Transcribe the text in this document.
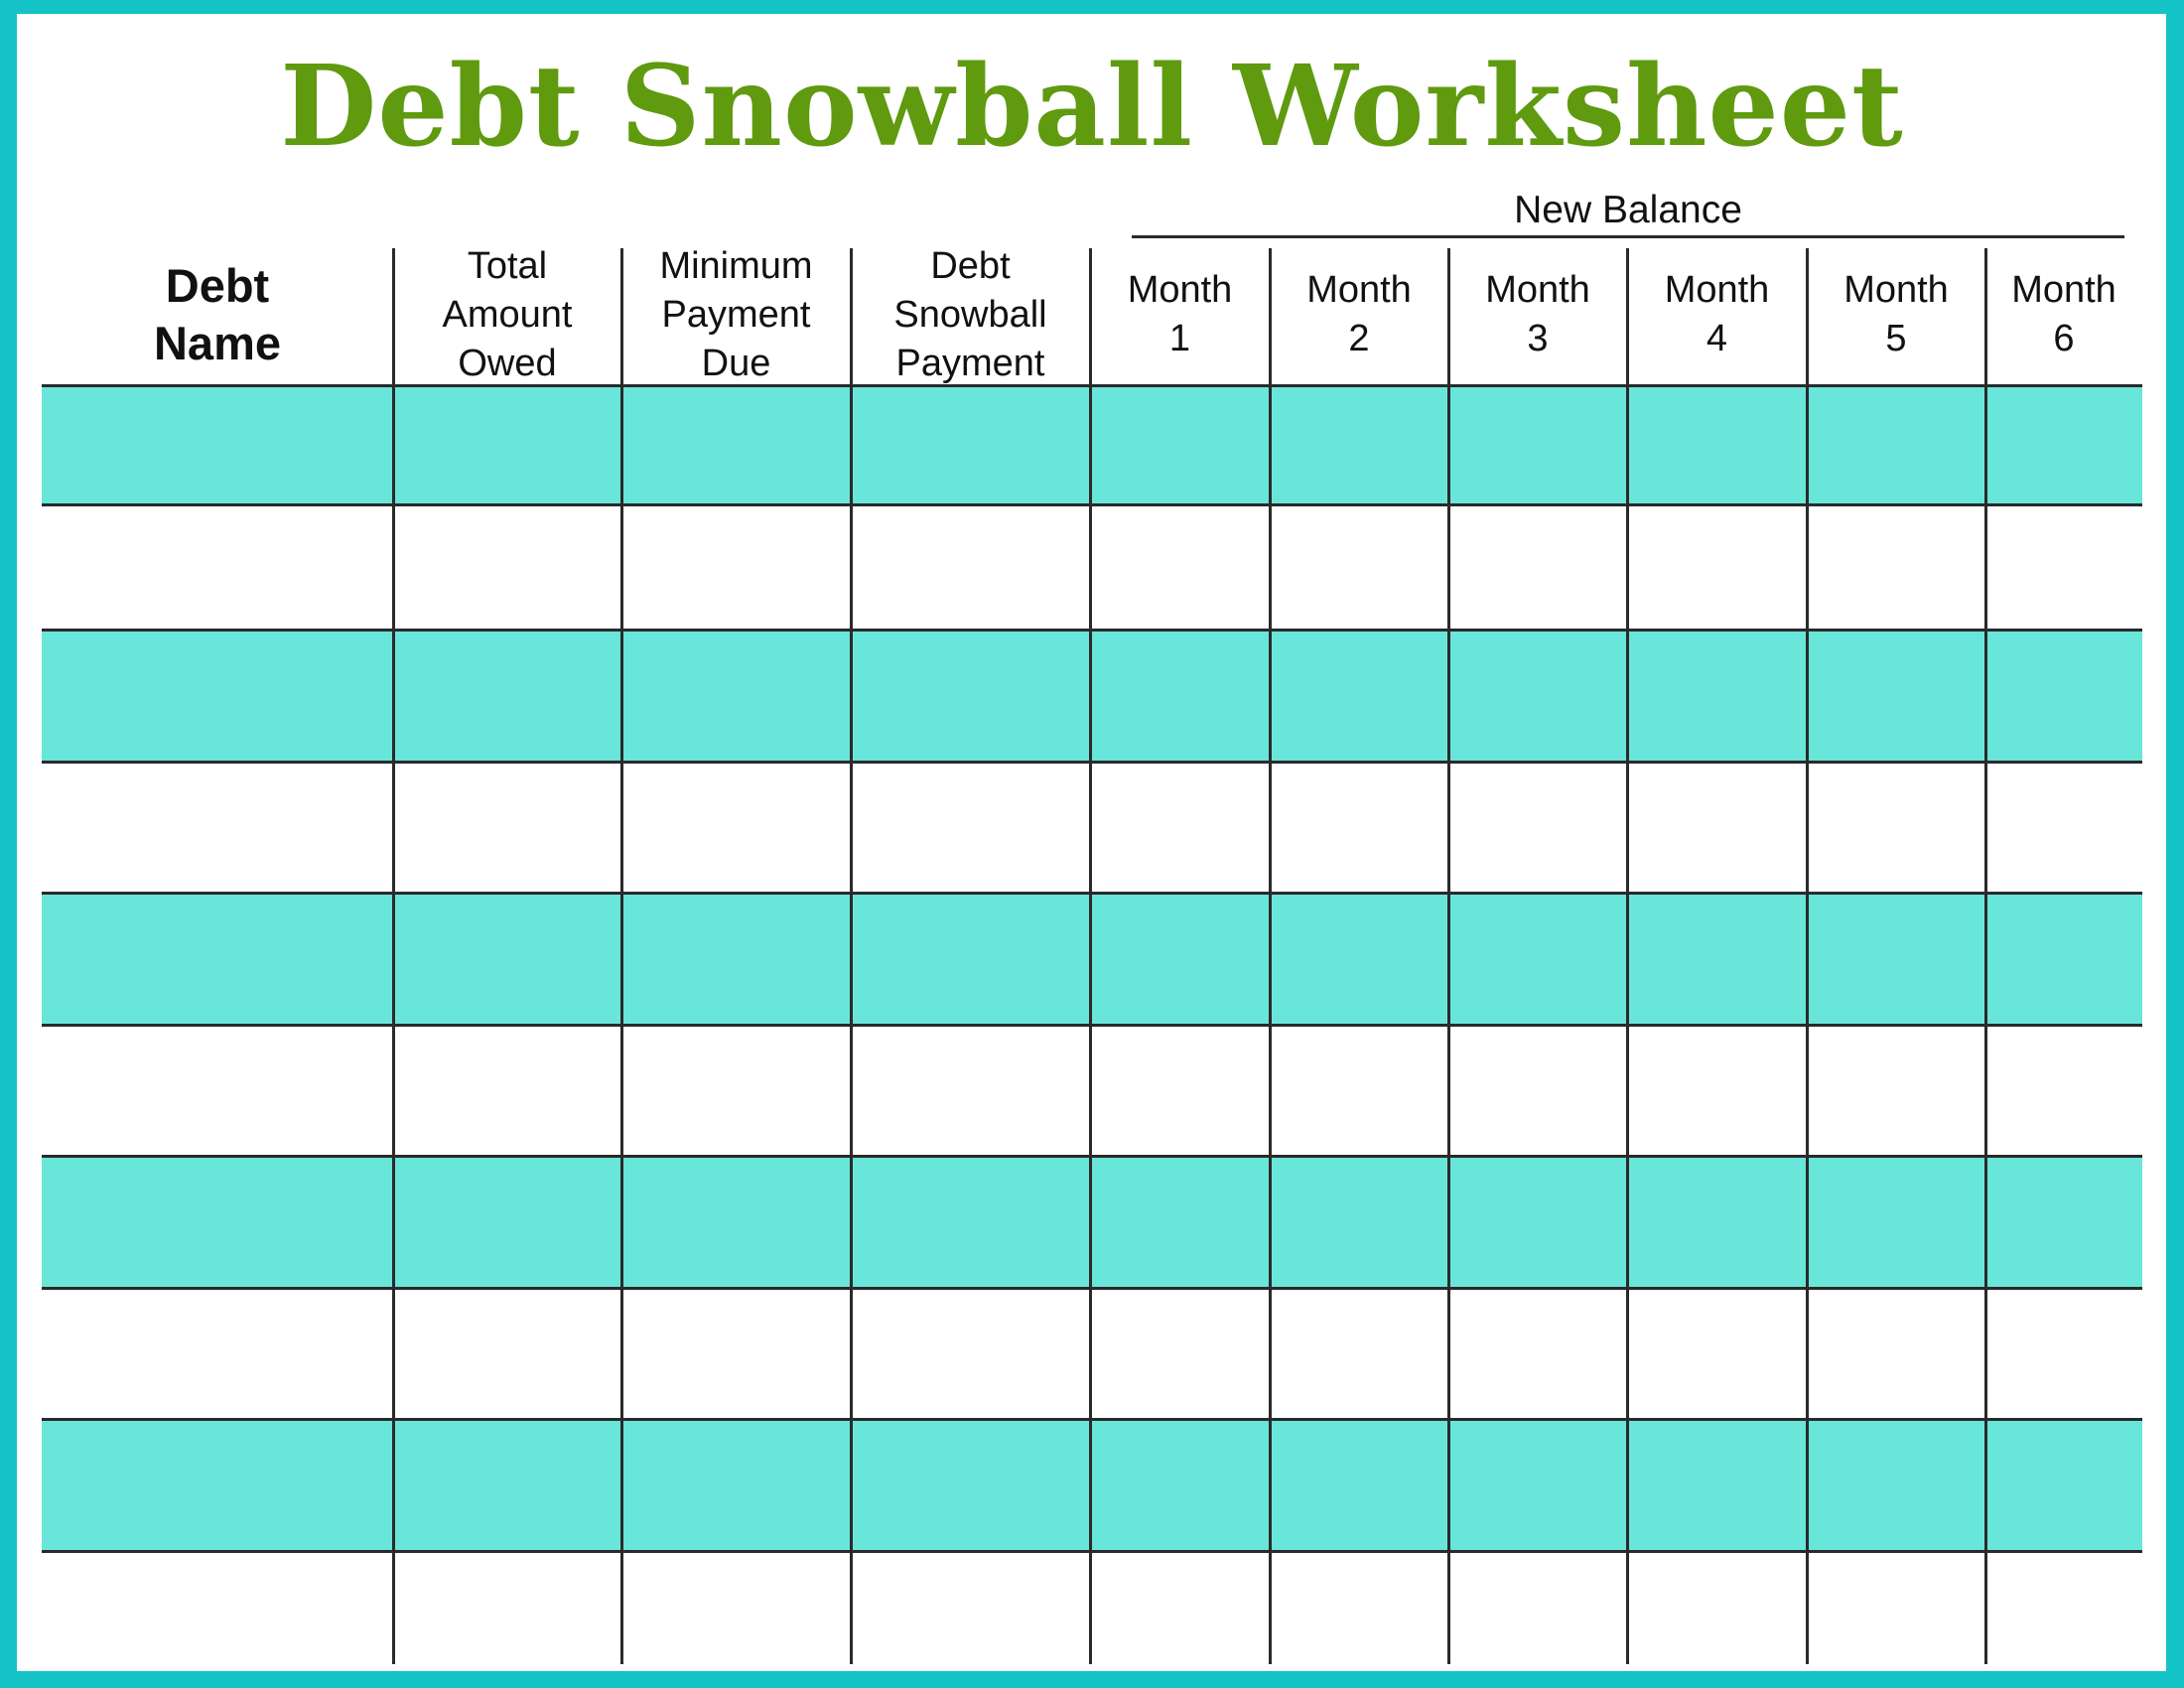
Debt Snowball Worksheet
New Balance
Debt
Name
Total
Amount
Owed
Minimum
Payment
Due
Debt
Snowball
Payment
Month
1
Month
2
Month
3
Month
4
Month
5
Month
6
